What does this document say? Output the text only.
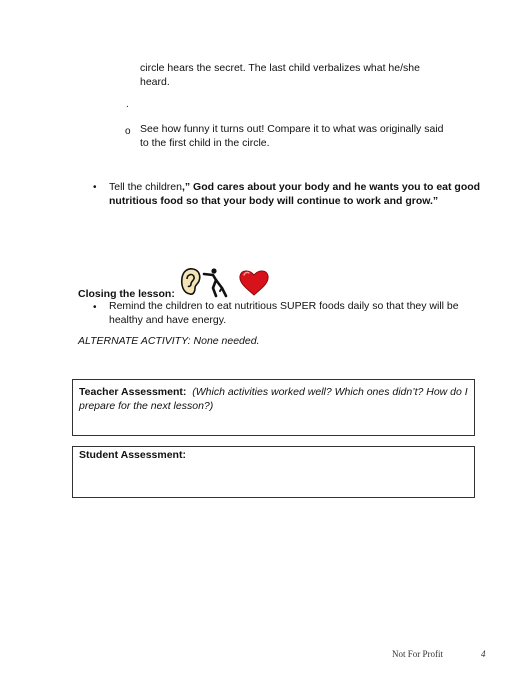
circle hears the secret. The last child verbalizes what he/she
heard.
.
o See how funny it turns out! Compare it to what was originally said
to the first child in the circle.
• Tell the children,” God cares about your body and he wants you to eat good
nutritious food so that your body will continue to work and grow.”
Closing the lesson:
• Remind the children to eat nutritious SUPER foods daily so that they will be
healthy and have energy.
ALTERNATE ACTIVITY: None needed.
Teacher Assessment: (Which activities worked well? Which ones didn’t? How do I
prepare for the next lesson?)
Student Assessment:
Not For Profit	4
